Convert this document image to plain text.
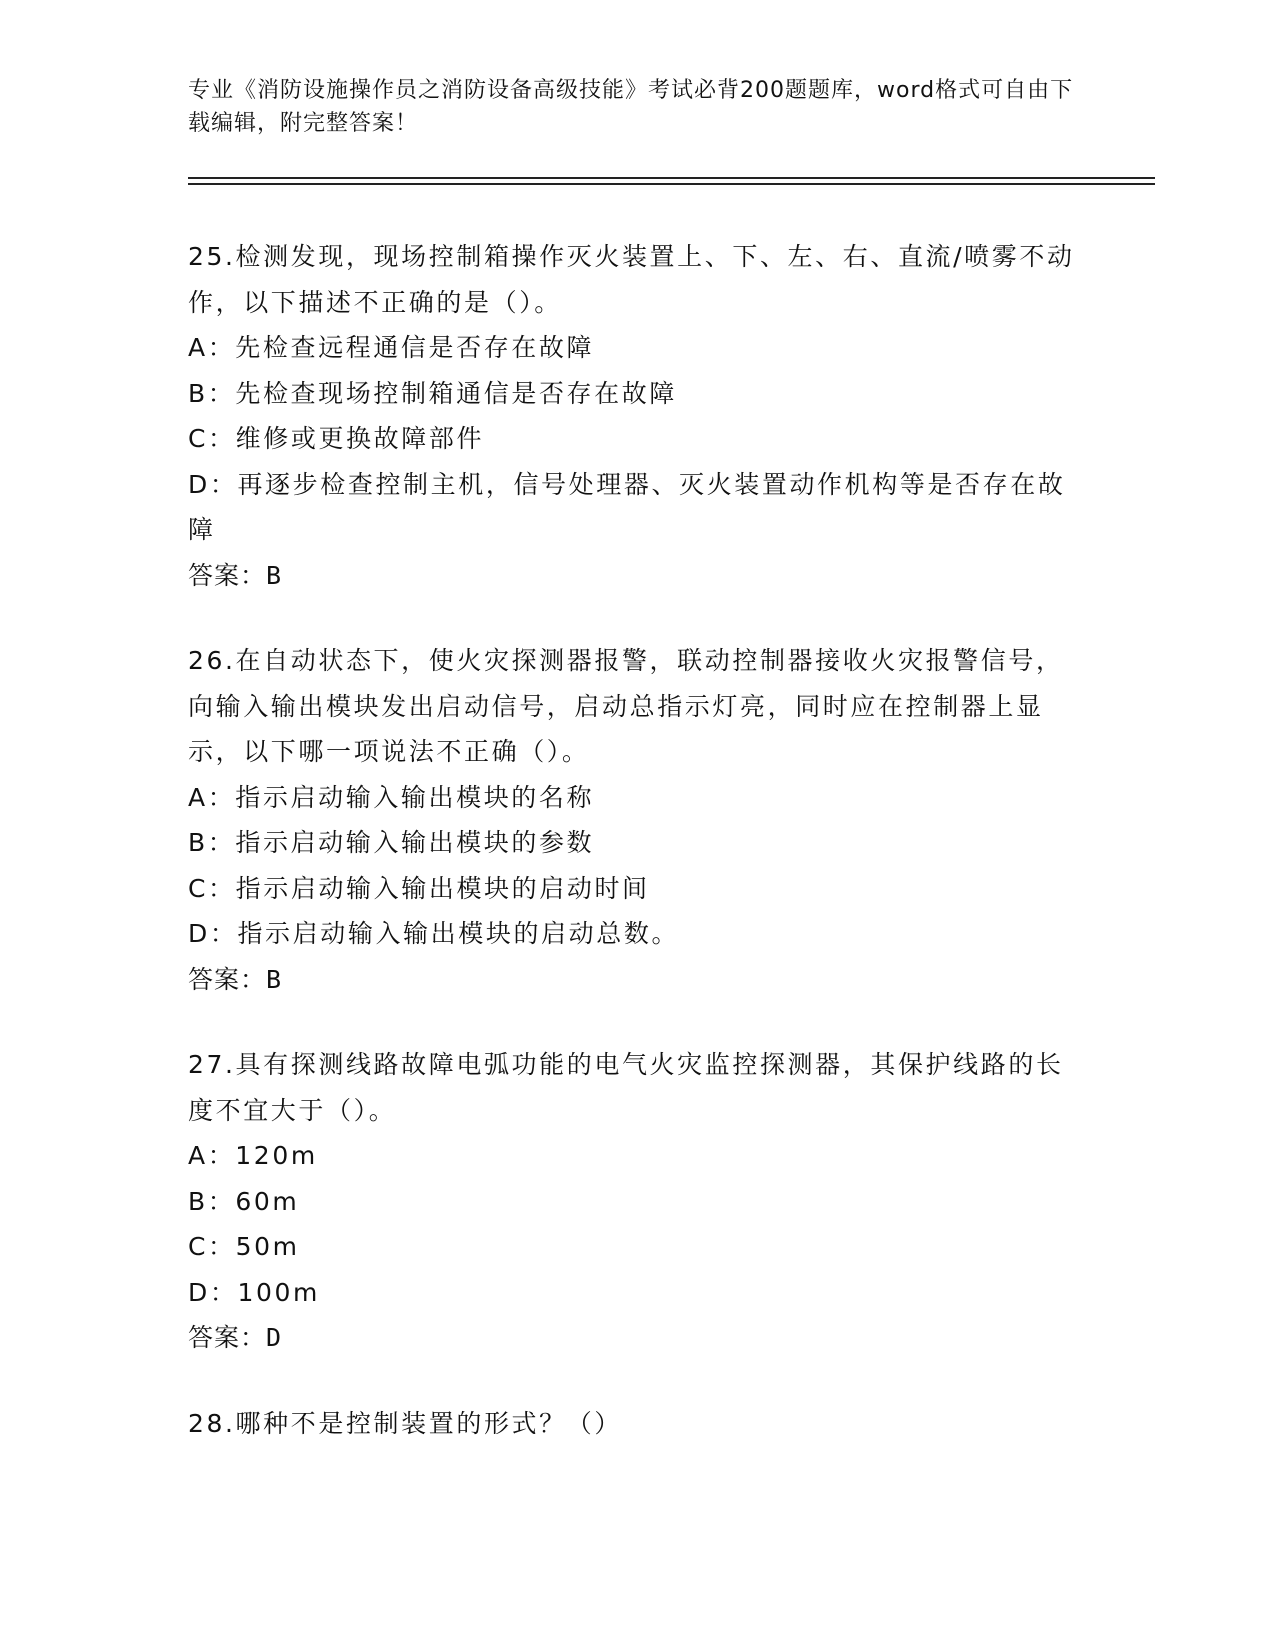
专业《消防设施操作员之消防设备高级技能》考试必背200题题库，word格式可自由下载编辑，附完整答案！
25.检测发现，现场控制箱操作灭火装置上、下、左、右、直流/喷雾不动作，以下描述不正确的是（）。
A：先检查远程通信是否存在故障
B：先检查现场控制箱通信是否存在故障
C：维修或更换故障部件
D：再逐步检查控制主机，信号处理器、灭火装置动作机构等是否存在故障
答案：B
26.在自动状态下，使火灾探测器报警，联动控制器接收火灾报警信号，向输入输出模块发出启动信号，启动总指示灯亮，同时应在控制器上显示，以下哪一项说法不正确（）。
A：指示启动输入输出模块的名称
B：指示启动输入输出模块的参数
C：指示启动输入输出模块的启动时间
D：指示启动输入输出模块的启动总数。
答案：B
27.具有探测线路故障电弧功能的电气火灾监控探测器，其保护线路的长度不宜大于（）。
A：120m
B：60m
C：50m
D：100m
答案：D
28.哪种不是控制装置的形式？（）
